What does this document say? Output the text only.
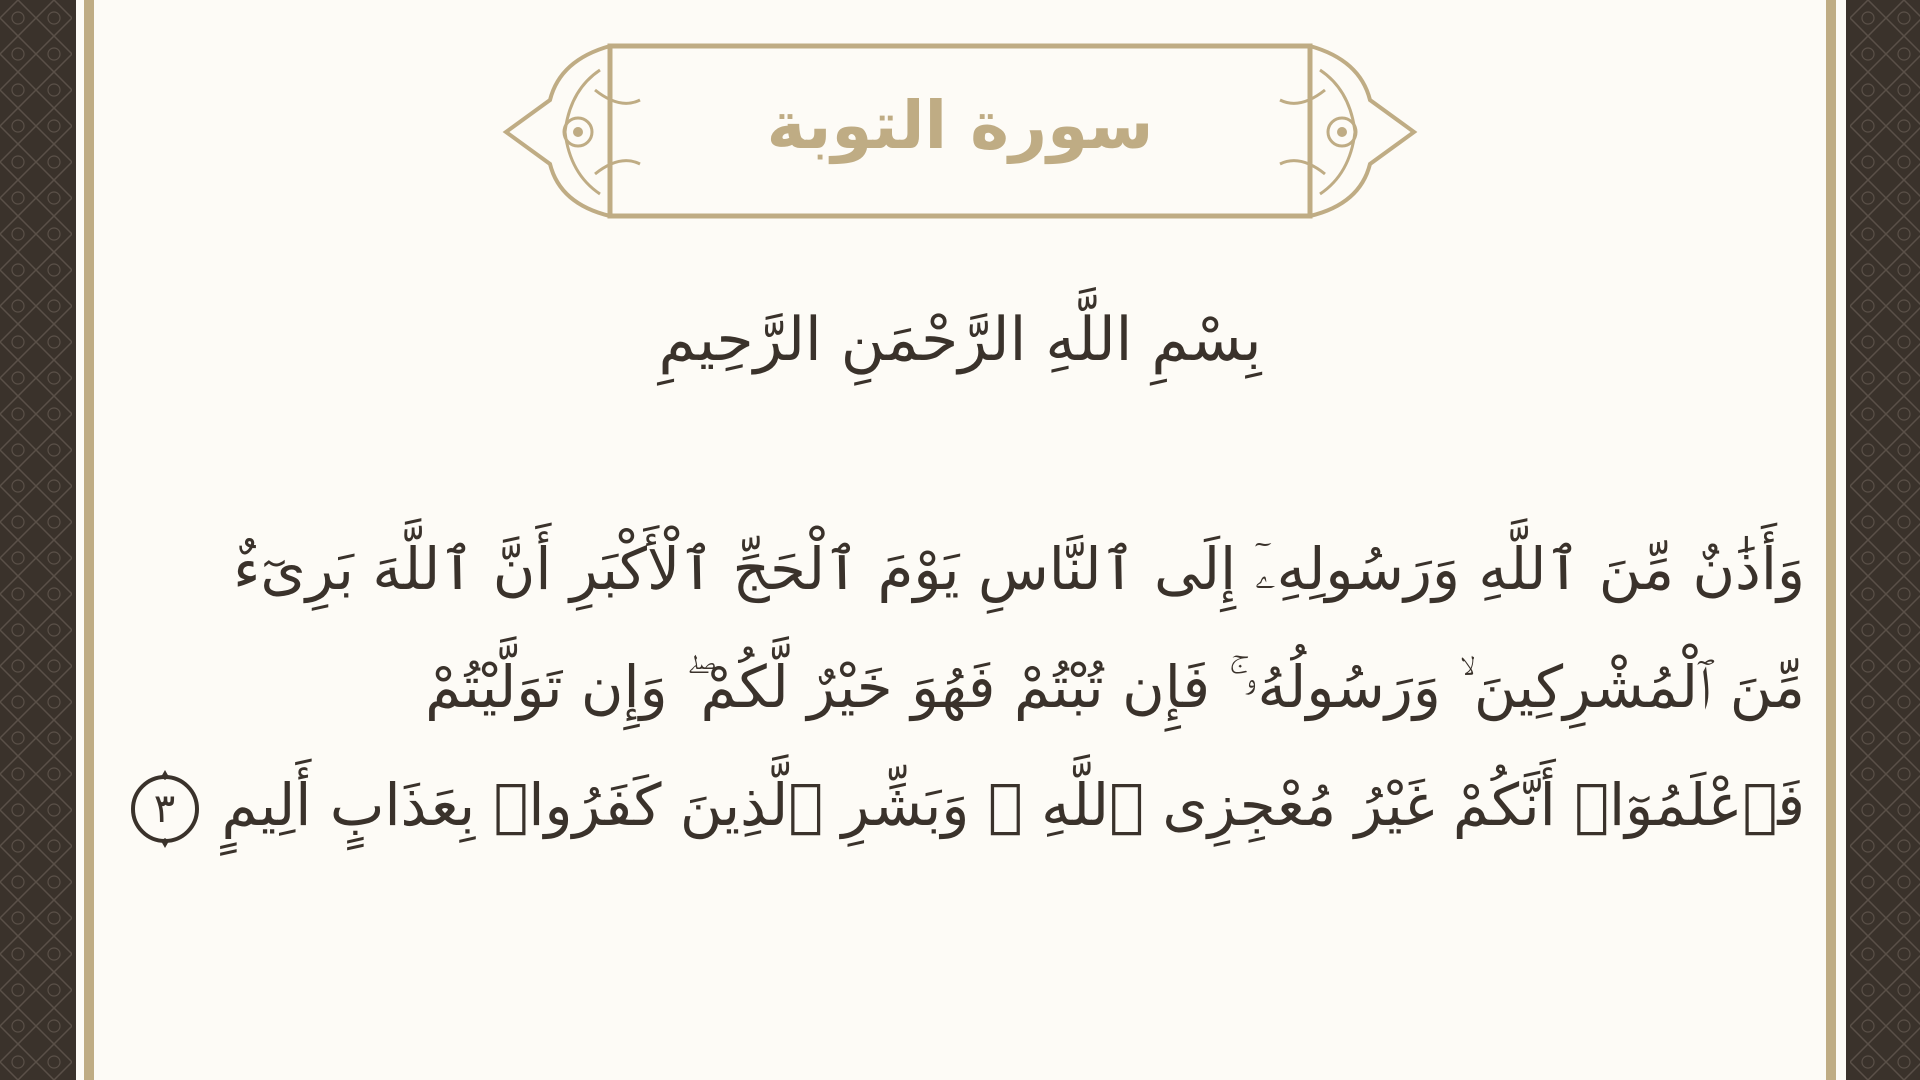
سورة التوبة
بِسْمِ اللَّهِ الرَّحْمَنِ الرَّحِيمِ
وَأَذَٰنٌ مِّنَ ٱللَّهِ وَرَسُولِهِۦٓ إِلَى ٱلنَّاسِ يَوْمَ ٱلْحَجِّ ٱلْأَكْبَرِ أَنَّ ٱللَّهَ بَرِىٓءٌ
مِّنَ ٱلْمُشْرِكِينَ ۙ وَرَسُولُهُۥ ۚ فَإِن تُبْتُمْ فَهُوَ خَيْرٌ لَّكُمْ ۖ وَإِن تَوَلَّيْتُمْ
فَٱعْلَمُوٓا۟ أَنَّكُمْ غَيْرُ مُعْجِزِى ٱللَّهِ ۗ وَبَشِّرِ ٱلَّذِينَ كَفَرُوا۟ بِعَذَابٍ أَلِيمٍ
٣
